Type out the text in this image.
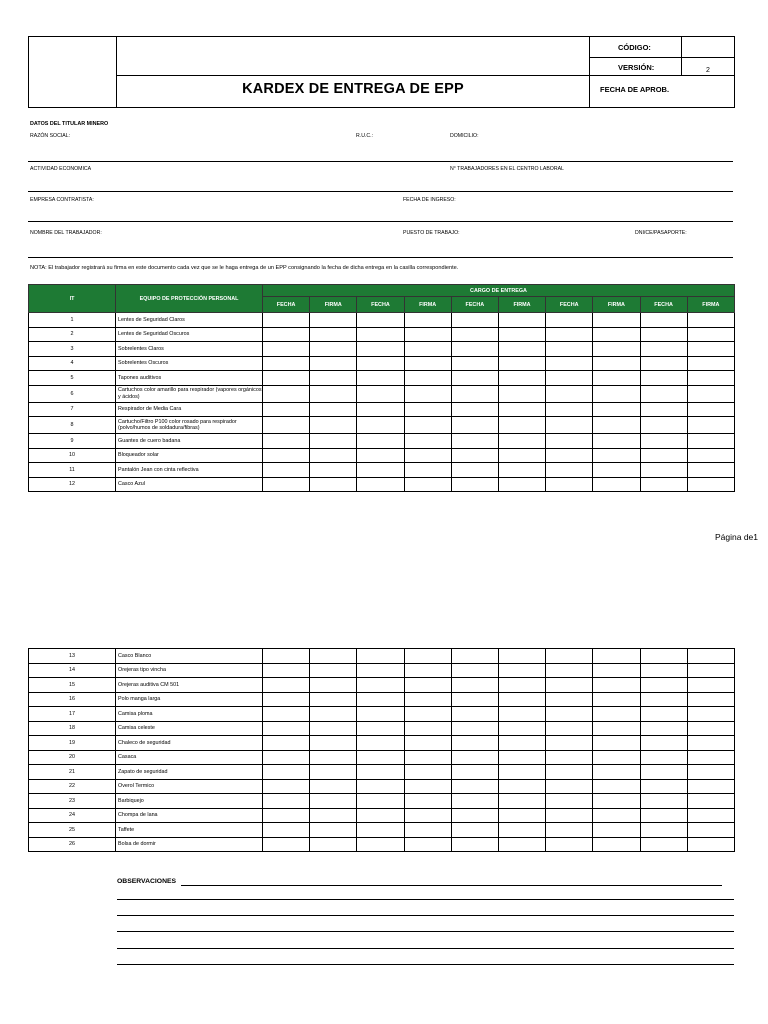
CÓDIGO:
VERSIÓN:	2
FECHA DE APROB.
KARDEX DE ENTREGA DE EPP
DATOS DEL TITULAR MINERO
RAZÓN SOCIAL:	R.U.C.:	DOMICILIO:
ACTIVIDAD ECONOMICA	N° TRABAJADORES EN EL CENTRO LABORAL
EMPRESA CONTRATISTA:	FECHA DE INGRESO:
NOMBRE DEL TRABAJADOR:	PUESTO DE TRABAJO:	DNI/CE/PASAPORTE:
NOTA: El trabajador registrará su firma en este documento cada vez que se le haga entrega de un EPP consignando la fecha de dicha entrega en la casilla correspondiente.
IT	EQUIPO DE PROTECCIÓN PERSONAL	CARGO DE ENTREGA									
		FECHA	FIRMA	FECHA	FIRMA	FECHA	FIRMA	FECHA	FIRMA	FECHA	FIRMA
1	Lentes de Seguridad Claros										
2	Lentes de Seguridad Oscuros										
3	Sobrelentes Claros										
4	Sobrelentes Oscuros										
5	Tapones auditivos										
6	Cartuchos color amarillo para respirador (vapores orgánicos y ácidos)										
7	Respirador de Media Cara										
8	Cartucho/Filtro P100 color rosado para respirador (polvo/humos de soldadura/fibras)										
9	Guantes de cuero badana										
10	Bloqueador solar										
11	Pantalón Jean con cinta reflectiva										
12	Casco Azul										
Página de1
13	Casco Blanco										
14	Orejeras tipo vincha										
15	Orejeras auditiva CM 501										
16	Polo manga larga										
17	Camisa ploma										
18	Camisa celeste										
19	Chaleco de seguridad										
20	Casaca										
21	Zapato de seguridad										
22	Overol Termico										
23	Barbiquejo										
24	Chompa de lana										
25	Taffete										
26	Bolsa de dormir										
OBSERVACIONES
